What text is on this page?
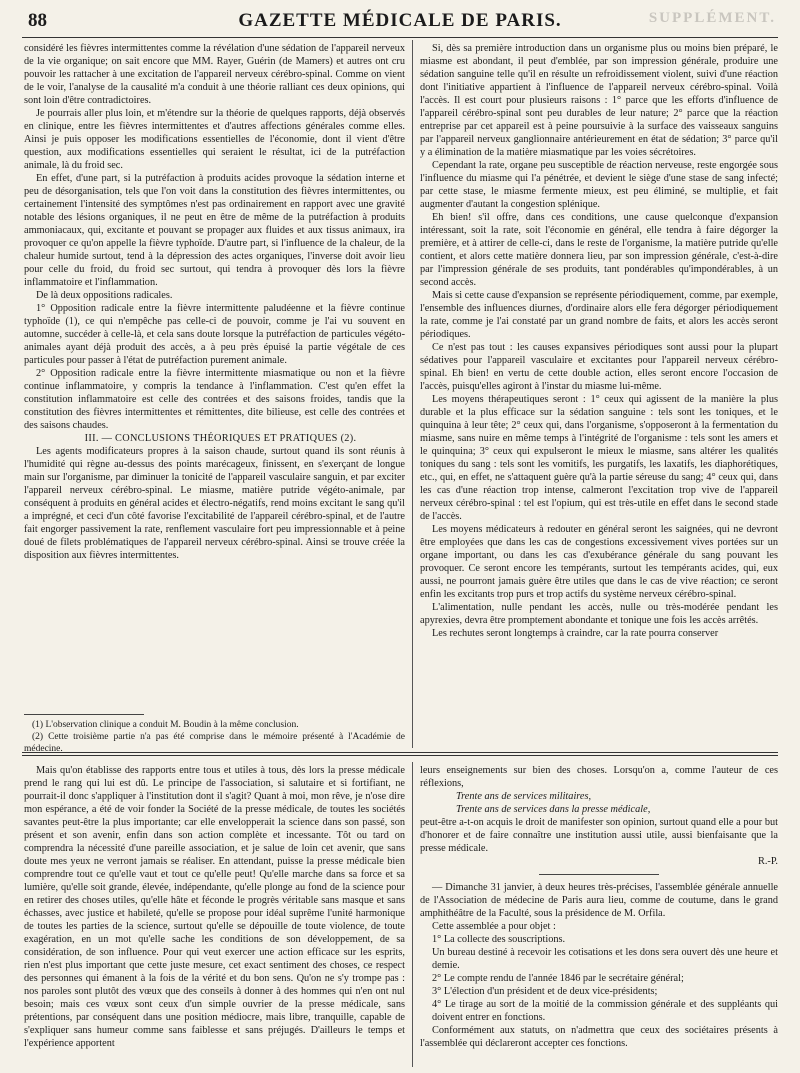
88	GAZETTE MÉDICALE DE PARIS.	SUPPLÉMENT.

considéré les fièvres intermittentes comme la révélation d'une sédation de l'appareil nerveux de la vie organique; on sait encore que MM. Rayer, Guérin (de Mamers) et autres ont cru pouvoir les rattacher à une excitation de l'appareil nerveux cérébro-spinal. Comme on vient de le voir, l'analyse de la causalité m'a conduit à une théorie ralliant ces deux opinions, qui sont loin d'être contradictoires.

Je pourrais aller plus loin, et m'étendre sur la théorie de quelques rapports, déjà observés en clinique, entre les fièvres intermittentes et d'autres affections générales comme elles. Ainsi je puis opposer les modifications essentielles de l'économie, dont il vient d'être question, aux modifications essentielles qui seraient le résultat, ici de la putréfaction animale, là du froid sec.

En effet, d'une part, si la putréfaction à produits acides provoque la sédation interne et peu de désorganisation, tels que l'on voit dans la constitution des fièvres intermittentes, ou certainement l'intensité des symptômes n'est pas ordinairement en rapport avec une gravité notable des lésions organiques, il ne peut en être de même de la putréfaction à produits ammoniacaux, qui, excitante et pouvant se propager aux fluides et aux tissus animaux, ira provoquer ce qu'on appelle la fièvre typhoïde. D'autre part, si l'influence de la chaleur, de la chaleur humide surtout, tend à la dépression des actes organiques, l'inverse doit avoir lieu pour celle du froid, du froid sec surtout, qui tendra à provoquer dès lors la fièvre inflammatoire et l'inflammation.

De là deux oppositions radicales.

1° Opposition radicale entre la fièvre intermittente paludéenne et la fièvre continue typhoïde (1), ce qui n'empêche pas celle-ci de pouvoir, comme je l'ai vu souvent en automne, succéder à celle-là, et cela sans doute lorsque la putréfaction de particules végéto-animales ayant déjà produit des accès, a à peu près épuisé la partie végétale de ces particules pour passer à l'état de putréfaction purement animale.

2° Opposition radicale entre la fièvre intermittente miasmatique ou non et la fièvre continue inflammatoire, y compris la tendance à l'inflammation. C'est qu'en effet la constitution inflammatoire est celle des contrées et des saisons froides, tandis que la constitution des fièvres intermittentes et rémittentes, dite bilieuse, est celle des contrées et des saisons chaudes.

III. — CONCLUSIONS THÉORIQUES ET PRATIQUES (2).

Les agents modificateurs propres à la saison chaude, surtout quand ils sont réunis à l'humidité qui règne au-dessus des points marécageux, finissent, en s'exerçant de longue main sur l'organisme, par diminuer la tonicité de l'appareil vasculaire sanguin, et par exciter l'appareil nerveux cérébro-spinal. Le miasme, matière putride végéto-animale, par conséquent à produits en général acides et électro-négatifs, rend moins excitant le sang qu'il a imprégné, et ceci d'un côté favorise l'excitabilité de l'appareil cérébro-spinal, et de l'autre fait engorger passivement la rate, renflement vasculaire fort peu impressionnable et à peine doué de filets problématiques de l'appareil nerveux cérébro-spinal. Ainsi se trouve créée la disposition aux fièvres intermittentes.

(1) L'observation clinique a conduit M. Boudin à la même conclusion.

(2) Cette troisième partie n'a pas été comprise dans le mémoire présenté à l'Académie de médecine.

Si, dès sa première introduction dans un organisme plus ou moins bien préparé, le miasme est abondant, il peut d'emblée, par son impression générale, produire une sédation sanguine telle qu'il en résulte un refroidissement violent, suivi d'une réaction dont l'initiative appartient à l'influence de l'appareil nerveux cérébro-spinal. Voilà l'accès. Il est court pour plusieurs raisons : 1° parce que les efforts d'influence de l'appareil cérébro-spinal sont peu durables de leur nature; 2° parce que la réaction entreprise par cet appareil est à peine poursuivie à la surface des vaisseaux sanguins par l'appareil nerveux ganglionnaire antérieurement en état de sédation; 3° parce qu'il y a élimination de la matière miasmatique par les voies sécrétoires.

Cependant la rate, organe peu susceptible de réaction nerveuse, reste engorgée sous l'influence du miasme qui l'a pénétrée, et devient le siège d'une stase de sang infecté; par cette stase, le miasme fermente mieux, est peu éliminé, se multiplie, et fait augmenter d'autant la congestion splénique.

Eh bien! s'il offre, dans ces conditions, une cause quelconque d'expansion intéressant, soit la rate, soit l'économie en général, elle tendra à faire dégorger la première, et à attirer de celle-ci, dans le reste de l'organisme, la matière putride qu'elle contient, et alors cette matière donnera lieu, par son impression générale, c'est-à-dire par l'impression générale de ses produits, tant pondérables qu'impondérables, à un second accès.

Mais si cette cause d'expansion se représente périodiquement, comme, par exemple, l'ensemble des influences diurnes, d'ordinaire alors elle fera dégorger périodiquement la rate, comme je l'ai constaté par un grand nombre de faits, et alors les accès seront périodiques.

Ce n'est pas tout : les causes expansives périodiques sont aussi pour la plupart sédatives pour l'appareil vasculaire et excitantes pour l'appareil nerveux cérébro-spinal. Eh bien! en vertu de cette double action, elles seront encore l'occasion de l'accès, puisqu'elles agiront à l'instar du miasme lui-même.

Les moyens thérapeutiques seront : 1° ceux qui agissent de la manière la plus durable et la plus efficace sur la sédation sanguine : tels sont les toniques, et le quinquina à leur tête; 2° ceux qui, dans l'organisme, s'opposeront à la fermentation du miasme, sans nuire en même temps à l'intégrité de l'organisme : tels sont les amers et le quinquina; 3° ceux qui expulseront le mieux le miasme, sans altérer les qualités toniques du sang : tels sont les vomitifs, les purgatifs, les laxatifs, les diaphorétiques, etc., qui, en effet, ne s'attaquent guère qu'à la partie séreuse du sang; 4° ceux qui, dans les cas d'une réaction trop intense, calmeront l'excitation trop vive de l'appareil nerveux cérébro-spinal : tel est l'opium, qui est très-utile en effet dans le second stade de l'accès.

Les moyens médicateurs à redouter en général seront les saignées, qui ne devront être employées que dans les cas de congestions excessivement vives portées sur un organe important, ou dans les cas d'exubérance générale du sang pouvant les provoquer. Ce seront encore les tempérants, surtout les tempérants acides, qui, eux aussi, ne pourront jamais guère être utiles que dans le cas de vive réaction; ce seront enfin les excitants trop purs et trop actifs du système nerveux cérébro-spinal.

L'alimentation, nulle pendant les accès, nulle ou très-modérée pendant les apyrexies, devra être promptement abondante et tonique une fois les accès arrêtés.

Les rechutes seront longtemps à craindre, car la rate pourra conserver

Mais qu'on établisse des rapports entre tous et utiles à tous, dès lors la presse médicale prend le rang qui lui est dû. Le principe de l'association, si salutaire et si fortifiant, ne pourrait-il donc s'appliquer à l'institution dont il s'agit? Quant à moi, mon rêve, je n'ose dire mon espérance, a été de voir fonder la Société de la presse médicale, de toutes les sociétés savantes peut-être la plus importante; car elle envelopperait la science dans son passé, son présent et son avenir, enfin dans son action complète et incessante. Tôt ou tard on comprendra la nécessité d'une pareille association, et je salue de loin cet avenir, que sans doute mes yeux ne verront jamais se réaliser. En attendant, puisse la presse médicale bien comprendre tout ce qu'elle vaut et tout ce qu'elle peut! Qu'elle marche dans sa force et sa lumière, qu'elle soit grande, élevée, indépendante, qu'elle plonge au fond de la science pour en retirer des choses utiles, qu'elle hâte et féconde le progrès véritable sans masque et sans échasses, avec justice et habileté, qu'elle se propose pour idéal suprême l'unité harmonique de toutes les parties de la science, surtout qu'elle se dépouille de toute violence, de toute exagération, en un mot qu'elle sache les conditions de son développement, de sa considération, de son influence. Pour qui veut exercer une action efficace sur les esprits, rien n'est plus important que cette juste mesure, cet exact sentiment des choses, ce respect des personnes qui émanent à la fois de la vérité et du bon sens. Qu'on ne s'y trompe pas : nos paroles sont plutôt des vœux que des conseils à donner à des hommes qui n'en ont nul besoin; mais ces vœux sont ceux d'un simple ouvrier de la presse médicale, sans prétentions, par conséquent dans une position médiocre, mais libre, tranquille, capable de s'expliquer sans humeur comme sans faiblesse et sans préjugés. D'ailleurs le temps et l'expérience apportent

leurs enseignements sur bien des choses. Lorsqu'on a, comme l'auteur de ces réflexions,

Trente ans de services militaires,

Trente ans de services dans la presse médicale,

peut-être a-t-on acquis le droit de manifester son opinion, surtout quand elle a pour but d'honorer et de faire connaître une institution aussi utile, aussi bienfaisante que la presse médicale.

R.-P.

— Dimanche 31 janvier, à deux heures très-précises, l'assemblée générale annuelle de l'Association de médecine de Paris aura lieu, comme de coutume, dans le grand amphithéâtre de la Faculté, sous la présidence de M. Orfila.

Cette assemblée a pour objet :

1° La collecte des souscriptions.

Un bureau destiné à recevoir les cotisations et les dons sera ouvert dès une heure et demie.

2° Le compte rendu de l'année 1846 par le secrétaire général;

3° L'élection d'un président et de deux vice-présidents;

4° Le tirage au sort de la moitié de la commission générale et des suppléants qui doivent entrer en fonctions.

Conformément aux statuts, on n'admettra que ceux des sociétaires présents à l'assemblée qui déclareront accepter ces fonctions.
